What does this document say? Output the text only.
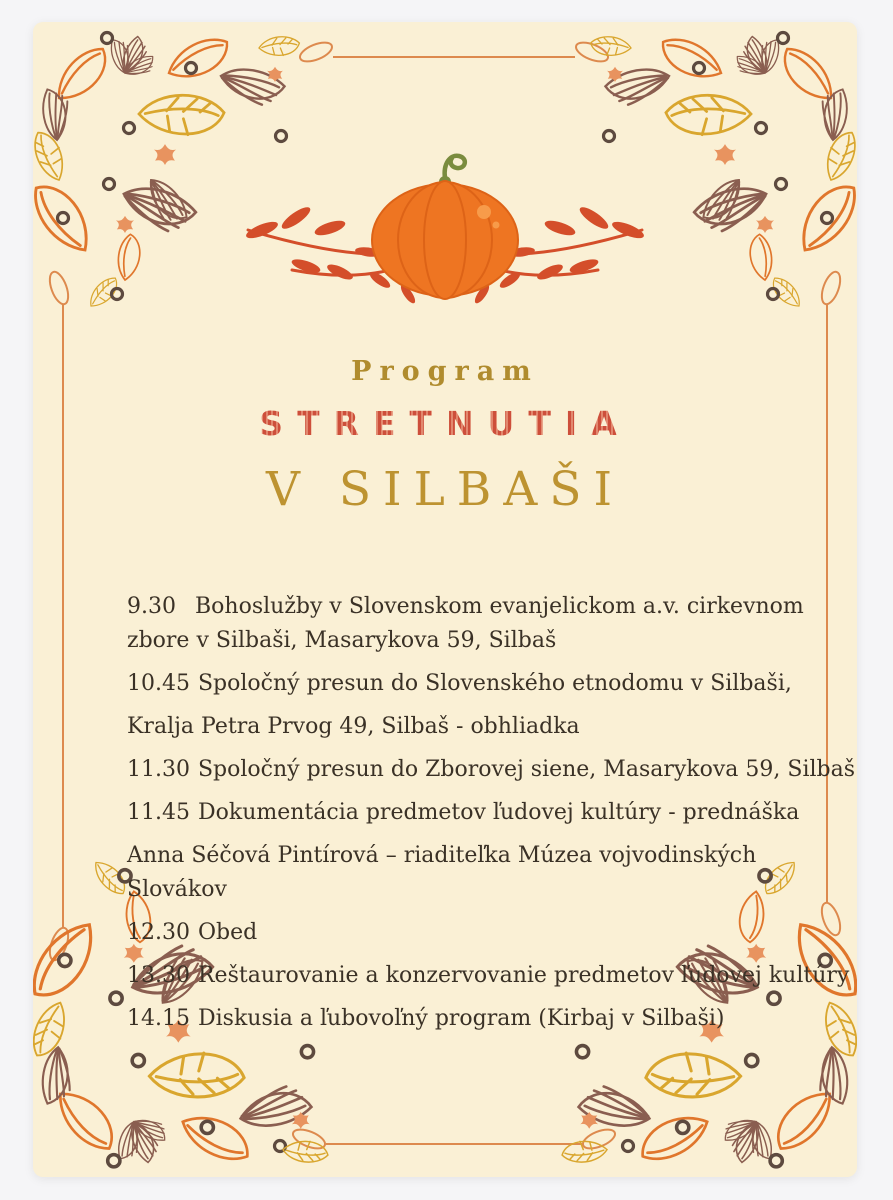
Program
STRETNUTIA
V SILBAŠI

9.30 Bohoslužby v Slovenskom evanjelickom a.v. cirkevnom

zbore v Silbaši, Masarykova 59, Silbaš

10.45 Spoločný presun do Slovenského etnodomu v Silbaši,

Kralja Petra Prvog 49, Silbaš - obhliadka

11.30 Spoločný presun do Zborovej siene, Masarykova 59, Silbaš

11.45 Dokumentácia predmetov ľudovej kultúry - prednáška

Anna Séčová Pintírová – riaditeľka Múzea vojvodinských

Slovákov

12.30 Obed

13.30 Reštaurovanie a konzervovanie predmetov ľudovej kultúry

14.15 Diskusia a ľubovoľný program (Kirbaj v Silbaši)
